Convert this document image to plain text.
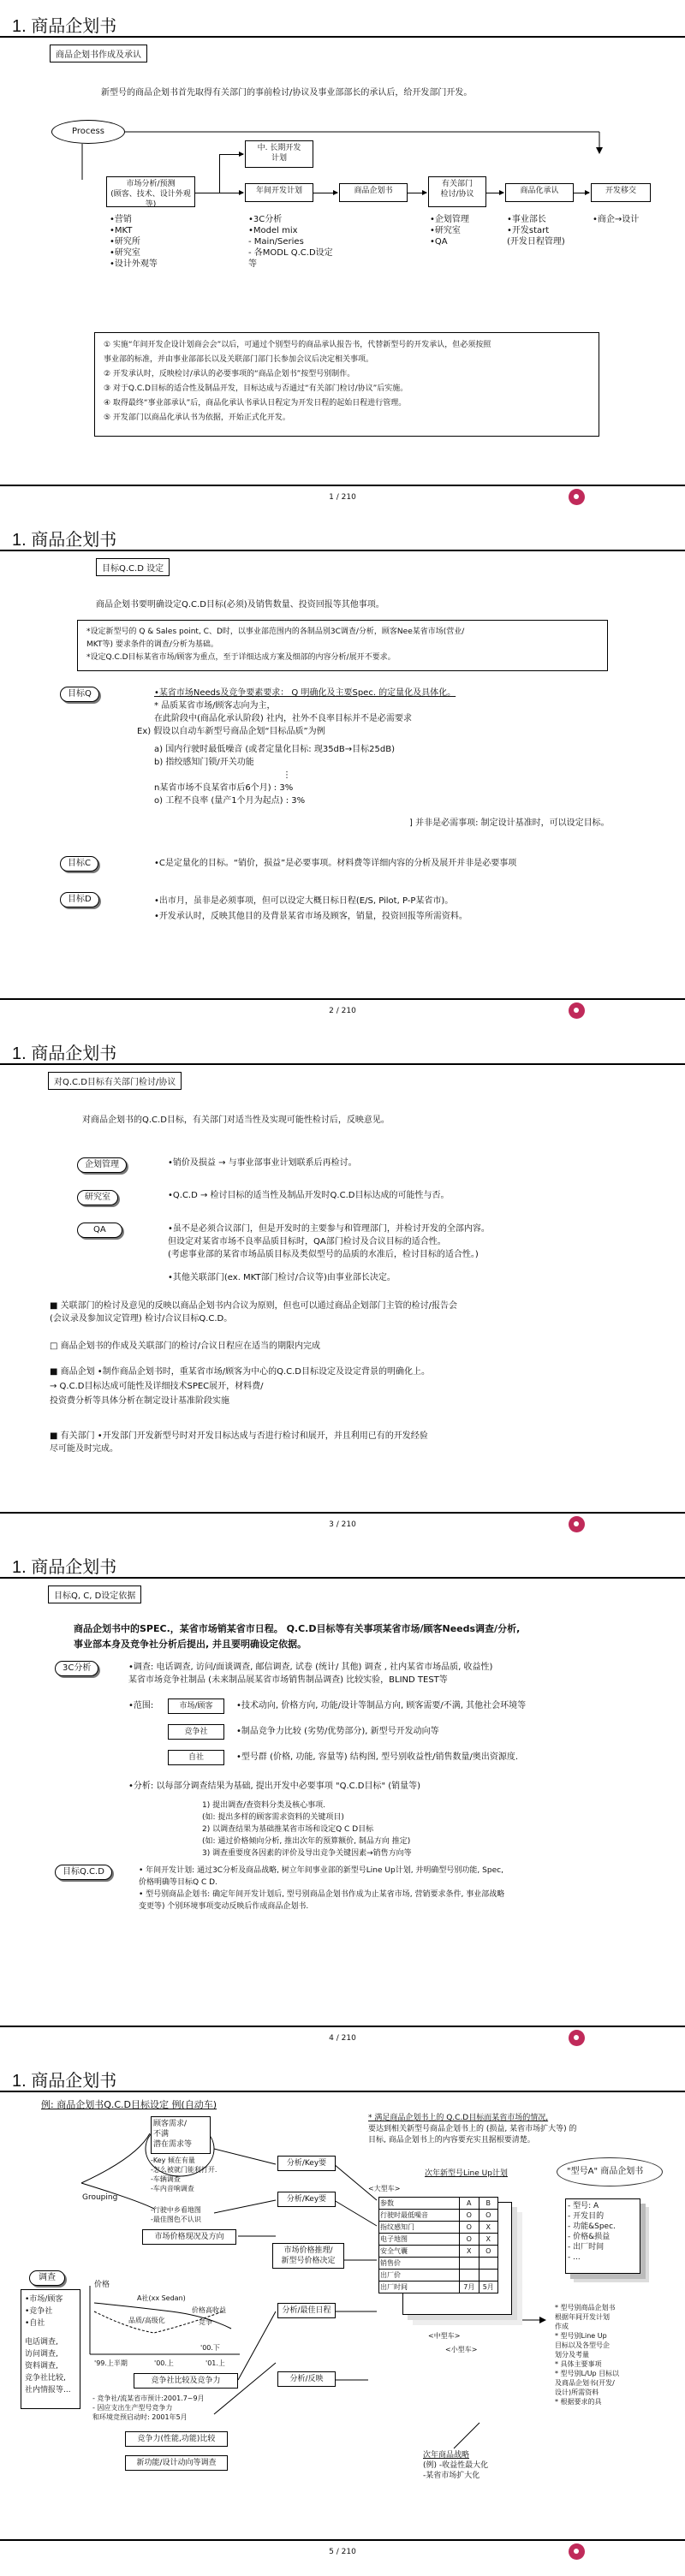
1. 商品企划书
商品企划书作成及承认
新型号的商品企划书首先取得有关部门的事前检讨/协议及事业部部长的承认后，给开发部门开发。
Process
市场分析/预测
(顾客、技术、设计外观等)
中. 长期开发
计划
年间开发计划	商品企划书
有关部门
检讨/协议	商品化承认	开发移交
•营销
•MKT
•研究所
•研究室
•设计外观等
•3C分析
•Model mix
- Main/Series
- 各MODL Q.C.D设定
等
•企划管理
•研究室
•QA
•事业部长
•开发start
(开发日程管理)
•商企→设计
① 实施“年间开发企设计划商会会”以后，可通过个别型号的商品承认报告书，代替新型号的开发承认，但必须按照
事业部的标准，并由事业部部长以及关联部门部门长参加会议后决定相关事项。
② 开发承认时，反映检讨/承认的必要事项的“商品企划书”按型号别制作。
③ 对于Q.C.D目标的适合性及制品开发，目标达成与否通过“有关部门检讨/协议”后实施。
④ 取得最终“事业部承认”后，商品化承认书承认日程定为开发日程的起始日程进行管理。
⑤ 开发部门以商品化承认书为依据，开始正式化开发。
1 / 210
1. 商品企划书
目标Q.C.D 设定
商品企划书要明确设定Q.C.D目标(必须)及销售数量、投资回报等其他事项。
*设定新型号的 Q & Sales point, C、D时，以事业部范围内的各制品别3C调查/分析，顾客Nee某省市场(营业/
MKT等) 要求条件的调查/分析为基础。
*设定Q.C.D目标某省市场/顾客为重点，至于详细达成方案及细部的内容分析/展开不要求。
目标Q	•某省市场Needs及竞争要素要求： Q 明确化及主要Spec. 的定量化及具体化。
* 品质某省市场/顾客志向为主，
在此阶段中(商品化承认阶段) 社内，社外不良率目标并不是必需要求
Ex) 假设以自动车新型号商品企划“目标品质”为例
a) 国内行驶时最低噪音 (或者定量化目标: 现35dB→目标25dB)
b) 指绞感知门锁/开关功能
⋮
n某省市场不良某省市后6个月) : 3%
o) 工程不良率 (量产1个月为起点) : 3%
] 并非是必需事项: 制定设计基准时，可以设定目标。
目标C	•C是定量化的目标。“销价，损益”是必要事项。材料费等详细内容的分析及展开并非是必要事项
目标D	•出市月，虽非是必须事项，但可以设定大概日标日程(E/S, Pilot, P-P某省市)。
•开发承认时，反映其他目的及背景某省市场及顾客，销量，投资回报等所需资料。
2 / 210
1. 商品企划书
对Q.C.D目标有关部门检讨/协议
对商品企划书的Q.C.D目标，有关部门对适当性及实现可能性检讨后，反映意见。
企划管理	•销价及损益 → 与事业部事业计划联系后再检讨。
研究室	•Q.C.D → 检讨目标的适当性及制品开发时Q.C.D目标达成的可能性与否。
QA	•虽不是必须合议部门，但是开发时的主要参与和管理部门，并检讨开发的全部内容。
但设定对某省市场不良率品质目标时，QA部门检讨及合议目标的适合性。
(考虑事业部的某省市场品质目标及类似型号的品质的水准后，检讨目标的适合性。)
•其他关联部门(ex. MKT部门检讨/合议等)由事业部长决定。
■ 关联部门的检讨及意见的反映以商品企划书内合议为原则，但也可以通过商品企划部门主管的检讨/报告会
(会议录及参加议定管理) 检讨/合议目标Q.C.D。
□ 商品企划书的作成及关联部门的检讨/合议日程应在适当的期限内完成
■ 商品企划 •制作商品企划书时，重某省市场/顾客为中心的Q.C.D目标设定及设定背景的明确化上。
→ Q.C.D目标达成可能性及详细技术SPEC展开，材料费/
投资费分析等具体分析在制定设计基准阶段实施
■ 有关部门 •开发部门开发新型号时对开发目标达成与否进行检讨和展开，并且利用已有的开发经验
尽可能及时完成。
3 / 210
1. 商品企划书
目标Q, C, D设定依据
商品企划书中的SPEC.，某省市场销某省市日程。 Q.C.D目标等有关事项某省市场/顾客Needs调查/分析,
事业部本身及竞争社分析后提出, 并且要明确设定依据。
3C分析	•调查: 电话调查, 访问/面谈调查, 邮信调查, 试卷 (统计/ 其他) 调查 , 社内某省市场品质, 收益性)
某省市场竞争社制品 (未来制品展某省市场销售制品调查) 比较实验，BLIND TEST等
•范围:	市场/顾客	•技术动向, 价格方向, 功能/设计等制品方向, 顾客需要/不满, 其他社会环境等
竞争社	•制品竞争力比较 (劣势/优势部分), 新型号开发动向等
自社	•型号群 (价格, 功能, 容量等) 结构图, 型号别收益性/销售数量/奥出资源度.
•分析: 以每部分调查结果为基础, 提出开发中必要事项 "Q.C.D目标" (销量等)
1) 提出调查/查资料分类及核心事项.
(如: 提出多样的顾客需求资料的关键项目)
2) 以调查结果为基础推某省市场和设定Q C D目标
(如: 通过价格倾向分析, 推出次年的预算额价, 制品方向 推定)
3) 调查重要度各因素的评价及导出竞争关键因素→销售方向等
目标Q.C.D	• 年间开发计划: 通过3C分析及商品战略, 树立年间事业部的新型号Line Up计划, 并明确型号别功能, Spec,
价格明确等目标Q C D.
• 型号别商品企划书: 确定年间开发计划后, 型号别商品企划书作成为止某省市场, 营销要求条件, 事业部战略
变更等) 个别环境事项变动反映后作成商品企划书.
4 / 210
1. 商品企划书
例: 商品企划书Q.C.D目标设定 例(自动车)
顾客需求/
不满
潜在需求等
-Key 倾在有量
-怎么被就门能利打开.
-车辆调查
-车内音响调查
Grouping
-行驶中乡看地图
-最佳图色不认识
市场价格现况及方向
调查
•市场/顾客
•竞争社
•自社
电话调查,
访问调查,
资料调查,
竞争社比较,
社内情报等...
价格
A社(xx Sedan)
品质/高级化
价格高收益
竞争
'00.下
'99.上半期	'00.上	'01.上
竞争社比较及竞争力
- 竞争社/流某省市预计:2001.7~9月
- 因应支出生产型号竞争力
和环境竞预启动时: 2001年5月
竞争力(性能,功能)比较
新功能/设计动向等调查
分析/Key要
分析/Key要
市场价格推理/
新型号价格决定
分析/最佳日程
分析/反映
* 满足商品企划书上的 Q.C.D目标而某省市场的情况,
要达到相关新型号商品企划书上的 (损益, 某省市场扩大等) 的
目标, 商品企划书上的内容要充实且据根要清楚。
次年新型号Line Up计划
<大型车>
参数	A	B
行驶时最低噪音	O	O
指纹感知门	O	X
电子地图	O	X
安全气囊	X	O
销售价		
出厂价		
出厂时间	7月	5月
<中型车>
<小型车>
次年商品战略
(例) -收益性最大化
-某省市场扩大化
"型号A" 商品企划书
- 型号: A
- 开发目的
- 功能&Spec.
- 价格&损益
- 出厂时间
- ...
* 型号别商品企划书
根据年间开发计划
作成
* 型号别Line Up
目标以及各型号企
划分及考量
* 具体主要事项
* 型号别L/Up 目标以
及商品企划书(开发/
设计)所需资料
* 根据要求的具
5 / 210
